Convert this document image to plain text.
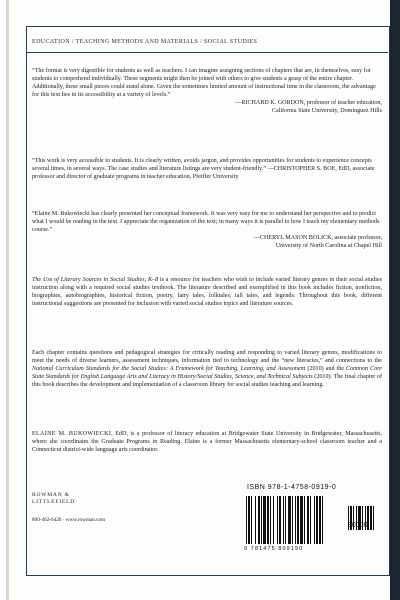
EDUCATION / TEACHING METHODS AND MATERIALS / SOCIAL STUDIES
“The format is very digestible for students as well as teachers. I can imagine assigning sections of chapters that are, in themselves, easy for students to comprehend individually. These segments might then be joined with others to give students a grasp of the entire chapter. Additionally, these small pieces could stand alone. Given the sometimes limited amount of instructional time in the classroom, the advantage for this text lies in its accessibility at a variety of levels.”
—RICHARD K. GORDON, professor of teacher education,
California State University, Dominguez Hills
“This work is very accessible to students. It is clearly written, avoids jargon, and provides opportunities for students to experience concepts several times, in several ways. The case studies and literature listings are very student-friendly.” —CHRISTOPHER S. BOE, EdD, associate professor and director of graduate programs in teacher education, Pfeiffer University
“Elaine M. Bukowiecki has clearly presented her conceptual framework. It was very easy for me to understand her perspective and to predict what I would be reading in the text. I appreciate the organization of the text; in many ways it is parallel to how I teach my elementary methods course.”
—CHERYL MASON BOLICK, associate professor,
University of North Carolina at Chapel Hill
The Use of Literary Sources in Social Studies, K–8 is a resource for teachers who wish to include varied literary genres in their social studies instruction along with a required social studies textbook. The literature described and exemplified in this book includes fiction, nonfiction, biographies, autobiographies, historical fiction, poetry, fairy tales, folktales, tall tales, and legends. Throughout this book, different instructional suggestions are presented for inclusion with varied social studies topics and literature sources.
Each chapter contains questions and pedagogical strategies for critically reading and responding to varied literary genres, modifications to meet the needs of diverse learners, assessment techniques, information tied to technology and the “new literacies,” and connections to the National Curriculum Standards for the Social Studies: A Framework for Teaching, Learning, and Assessment (2010) and the Common Core State Standards for English Language Arts and Literacy in History/Social Studies, Science, and Technical Subjects (2010). The final chapter of this book describes the development and implementation of a classroom library for social studies teaching and learning.
ELAINE M. BUKOWIECKI, EdD, is a professor of literacy education at Bridgewater State University in Bridgewater, Massachusetts, where she coordinates the Graduate Programs in Reading. Elaine is a former Massachusetts elementary-school classroom teacher and a Connecticut district-wide language arts coordinator.
ROWMAN &
LITTLEFIELD
800-462-6420 · www.rowman.com
ISBN 978-1-4758-0919-0
90000
9 781475 809190
